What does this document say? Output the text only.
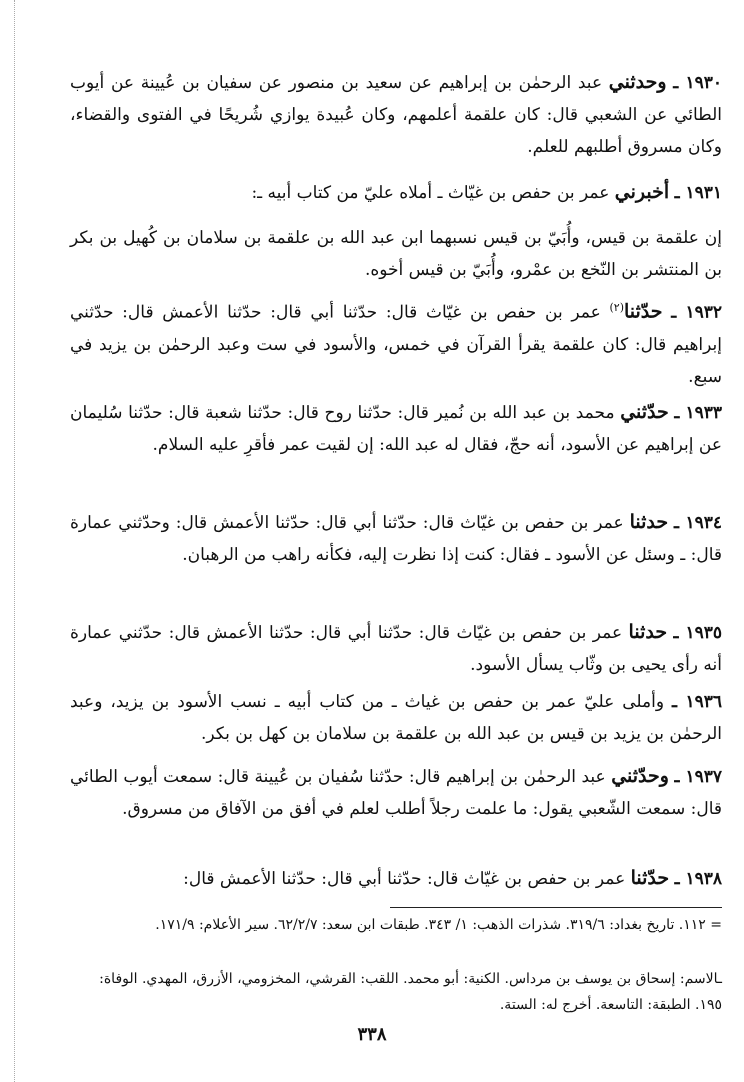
١٩٣٠ ـ وحدثني عبد الرحمٰن بن إبراهيم عن سعيد بن منصور عن سفيان بن عُيينة عن أيوب الطائي عن الشعبي قال: كان علقمة أعلمهم، وكان عُبيدة يوازي شُريحًا في الفتوى والقضاء، وكان مسروق أطلبهم للعلم.

١٩٣١ ـ أخبرني عمر بن حفص بن غيّاث ـ أملاه عليّ من كتاب أبيه ـ:

إن علقمة بن قيس، وأُبَيّ بن قيس نسبهما ابن عبد الله بن علقمة بن سلامان بن كُهيل بن بكر بن المنتشر بن النّخع بن عمْرو، وأُبَيّ بن قيس أخوه.

١٩٣٢ ـ حدّثنا$^{(٢)}$ عمر بن حفص بن غيّاث قال: حدّثنا أبي قال: حدّثنا الأعمش قال: حدّثني إبراهيم قال: كان علقمة يقرأ القرآن في خمس، والأسود في ست وعبد الرحمٰن بن يزيد في سبع.

١٩٣٣ ـ حدّثني محمد بن عبد الله بن نُمير قال: حدّثنا روح قال: حدّثنا شعبة قال: حدّثنا سُليمان عن إبراهيم عن الأسود، أنه حجّ، فقال له عبد الله: إن لقيت عمر فأقرِ عليه السلام.

١٩٣٤ ـ حدثنا عمر بن حفص بن غيّاث قال: حدّثنا أبي قال: حدّثنا الأعمش قال: وحدّثني عمارة قال: ـ وسئل عن الأسود ـ فقال: كنت إذا نظرت إليه، فكأنه راهب من الرهبان.

١٩٣٥ ـ حدثنا عمر بن حفص بن غيّاث قال: حدّثنا أبي قال: حدّثنا الأعمش قال: حدّثني عمارة أنه رأى يحيى بن وثّاب يسأل الأسود.

١٩٣٦ ـ وأملى عليّ عمر بن حفص بن غياث ـ من كتاب أبيه ـ نسب الأسود بن يزيد، وعبد الرحمٰن بن يزيد بن قيس بن عبد الله بن علقمة بن سلامان بن كهل بن بكر.

١٩٣٧ ـ وحدّثني عبد الرحمٰن بن إبراهيم قال: حدّثنا سُفيان بن عُيينة قال: سمعت أيوب الطائي قال: سمعت الشّعبي يقول: ما علمت رجلاً أطلب لعلم في أفق من الآفاق من مسروق.

١٩٣٨ ـ حدّثنا عمر بن حفص بن غيّاث قال: حدّثنا أبي قال: حدّثنا الأعمش قال:

= ١١٢. تاريخ بغداد: ٣١٩/٦. شذرات الذهب: ١/ ٣٤٣. طبقات ابن سعد: ٦٢/٢/٧. سير الأعلام: ١٧١/٩.

ـالاسم: إسحاق بن يوسف بن مرداس. الكنية: أبو محمد. اللقب: القرشي، المخزومي، الأزرق، المهدي. الوفاة: ١٩٥. الطبقة: التاسعة. أخرج له: الستة.

٣٣٨
